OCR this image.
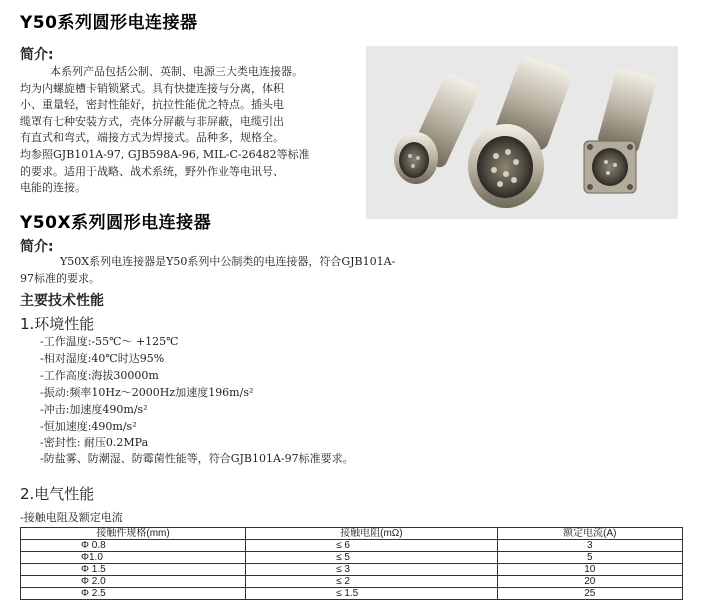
Y50系列圆形电连接器
简介:
本系列产品包括公制、英制、电源三大类电连接器。
均为内螺旋槽卡销锁紧式。具有快捷连接与分离，体积
小、重量轻，密封性能好，抗拉性能优之特点。插头电
缆罩有七种安装方式，壳体分屏蔽与非屏蔽，电缆引出
有直式和弯式，端接方式为焊接式。品种多，规格全。
均参照GJB101A-97, GJB598A-96, MIL-C-26482等标准
的要求。适用于战略、战术系统，野外作业等电讯号、
电能的连接。
Y50X系列圆形电连接器
简介:
Y50X系列电连接器是Y50系列中公制类的电连接器，符合GJB101A-
97标准的要求。
主要技术性能
1.环境性能
-工作温度:-55℃～ +125℃
-相对湿度:40℃时达95%
-工作高度:海拔30000m
-振动:频率10Hz～2000Hz加速度196m/s²
-冲击:加速度490m/s²
-恒加速度:490m/s²
-密封性: 耐压0.2MPa
-防盐雾、防潮湿、防霉菌性能等，符合GJB101A-97标准要求。
2.电气性能
-接触电阻及额定电流
接触件规格(mm)	接触电阻(mΩ)	额定电流(A)
Φ 0.8	≤ 6	3
Φ1.0	≤ 5	5
Φ 1.5	≤ 3	10
Φ 2.0	≤ 2	20
Φ 2.5	≤ 1.5	25
